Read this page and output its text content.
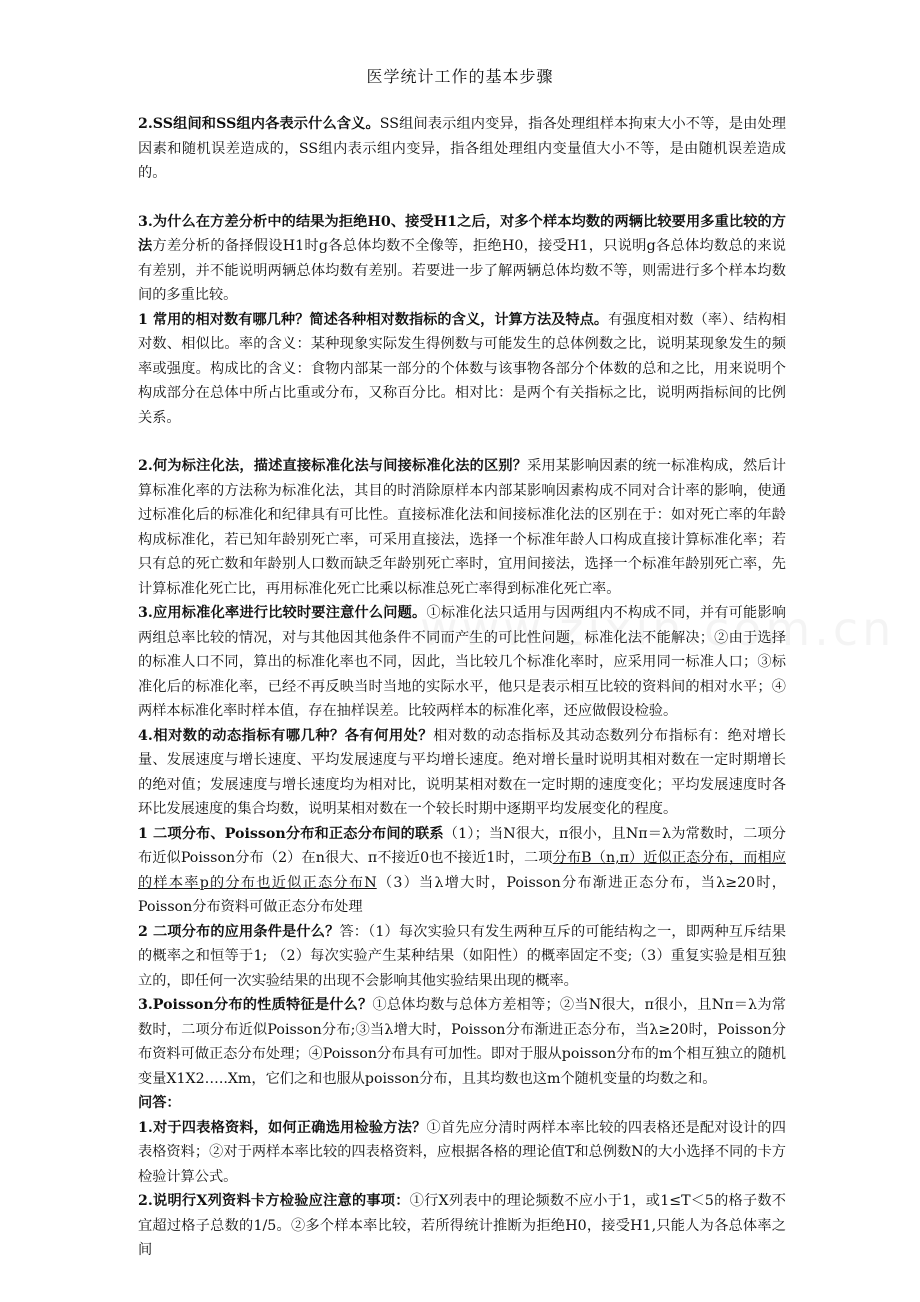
医学统计工作的基本步骤

2.SS组间和SS组内各表示什么含义。SS组间表示组内变异，指各处理组样本拘束大小不等，是由处理因素和随机误差造成的，SS组内表示组内变异，指各组处理组内变量值大小不等，是由随机误差造成的。

3.为什么在方差分析中的结果为拒绝H0、接受H1之后，对多个样本均数的两辆比较要用多重比较的方法方差分析的备择假设H1时g各总体均数不全像等，拒绝H0，接受H1，只说明g各总体均数总的来说有差别，并不能说明两辆总体均数有差别。若要进一步了解两辆总体均数不等，则需进行多个样本均数间的多重比较。

1 常用的相对数有哪几种？简述各种相对数指标的含义，计算方法及特点。有强度相对数（率）、结构相对数、相似比。率的含义：某种现象实际发生得例数与可能发生的总体例数之比，说明某现象发生的频率或强度。构成比的含义：食物内部某一部分的个体数与该事物各部分个体数的总和之比，用来说明个构成部分在总体中所占比重或分布，又称百分比。相对比：是两个有关指标之比，说明两指标间的比例关系。

2.何为标注化法，描述直接标准化法与间接标准化法的区别？采用某影响因素的统一标准构成，然后计算标准化率的方法称为标准化法，其目的时消除原样本内部某影响因素构成不同对合计率的影响，使通过标准化后的标准化和纪律具有可比性。直接标准化法和间接标准化法的区别在于：如对死亡率的年龄构成标准化，若已知年龄别死亡率，可采用直接法，选择一个标准年龄人口构成直接计算标准化率；若只有总的死亡数和年龄别人口数而缺乏年龄别死亡率时，宜用间接法，选择一个标准年龄别死亡率，先计算标准化死亡比，再用标准化死亡比乘以标准总死亡率得到标准化死亡率。

3.应用标准化率进行比较时要注意什么问题。①标准化法只适用与因两组内不构成不同，并有可能影响两组总率比较的情况，对与其他因其他条件不同而产生的可比性问题，标准化法不能解决；②由于选择的标准人口不同，算出的标准化率也不同，因此，当比较几个标准化率时，应采用同一标准人口；③标准化后的标准化率，已经不再反映当时当地的实际水平，他只是表示相互比较的资料间的相对水平；④两样本标准化率时样本值，存在抽样误差。比较两样本的标准化率，还应做假设检验。

4.相对数的动态指标有哪几种？各有何用处？相对数的动态指标及其动态数列分布指标有：绝对增长量、发展速度与增长速度、平均发展速度与平均增长速度。绝对增长量时说明其相对数在一定时期增长的绝对值；发展速度与增长速度均为相对比，说明某相对数在一定时期的速度变化；平均发展速度时各环比发展速度的集合均数，说明某相对数在一个较长时期中逐期平均发展变化的程度。

1 二项分布、Poisson分布和正态分布间的联系（1）；当N很大，π很小，且Nπ＝λ为常数时，二项分布近似Poisson分布（2）在n很大、π不接近0也不接近1时，二项分布B（n,π）近似正态分布，而相应的样本率p的分布也近似正态分布N（3）当λ增大时，Poisson分布渐进正态分布，当λ≥20时，Poisson分布资料可做正态分布处理

2 二项分布的应用条件是什么？答：（1）每次实验只有发生两种互斥的可能结构之一，即两种互斥结果的概率之和恒等于1; （2）每次实验产生某种结果（如阳性）的概率固定不变;（3）重复实验是相互独立的，即任何一次实验结果的出现不会影响其他实验结果出现的概率。

3.Poisson分布的性质特征是什么？①总体均数与总体方差相等；②当N很大，π很小，且Nπ＝λ为常数时，二项分布近似Poisson分布;③当λ增大时，Poisson分布渐进正态分布，当λ≥20时，Poisson分布资料可做正态分布处理；④Poisson分布具有可加性。即对于服从poisson分布的m个相互独立的随机变量X1X2…..Xm，它们之和也服从poisson分布，且其均数也这m个随机变量的均数之和。

问答：

1.对于四表格资料，如何正确选用检验方法？①首先应分清时两样本率比较的四表格还是配对设计的四表格资料；②对于两样本率比较的四表格资料，应根据各格的理论值T和总例数N的大小选择不同的卡方检验计算公式。

2.说明行X列资料卡方检验应注意的事项：①行X列表中的理论频数不应小于1，或1≤T＜5的格子数不宜超过格子总数的1/5。②多个样本率比较，若所得统计推断为拒绝H0，接受H1,只能人为各总体率之间
